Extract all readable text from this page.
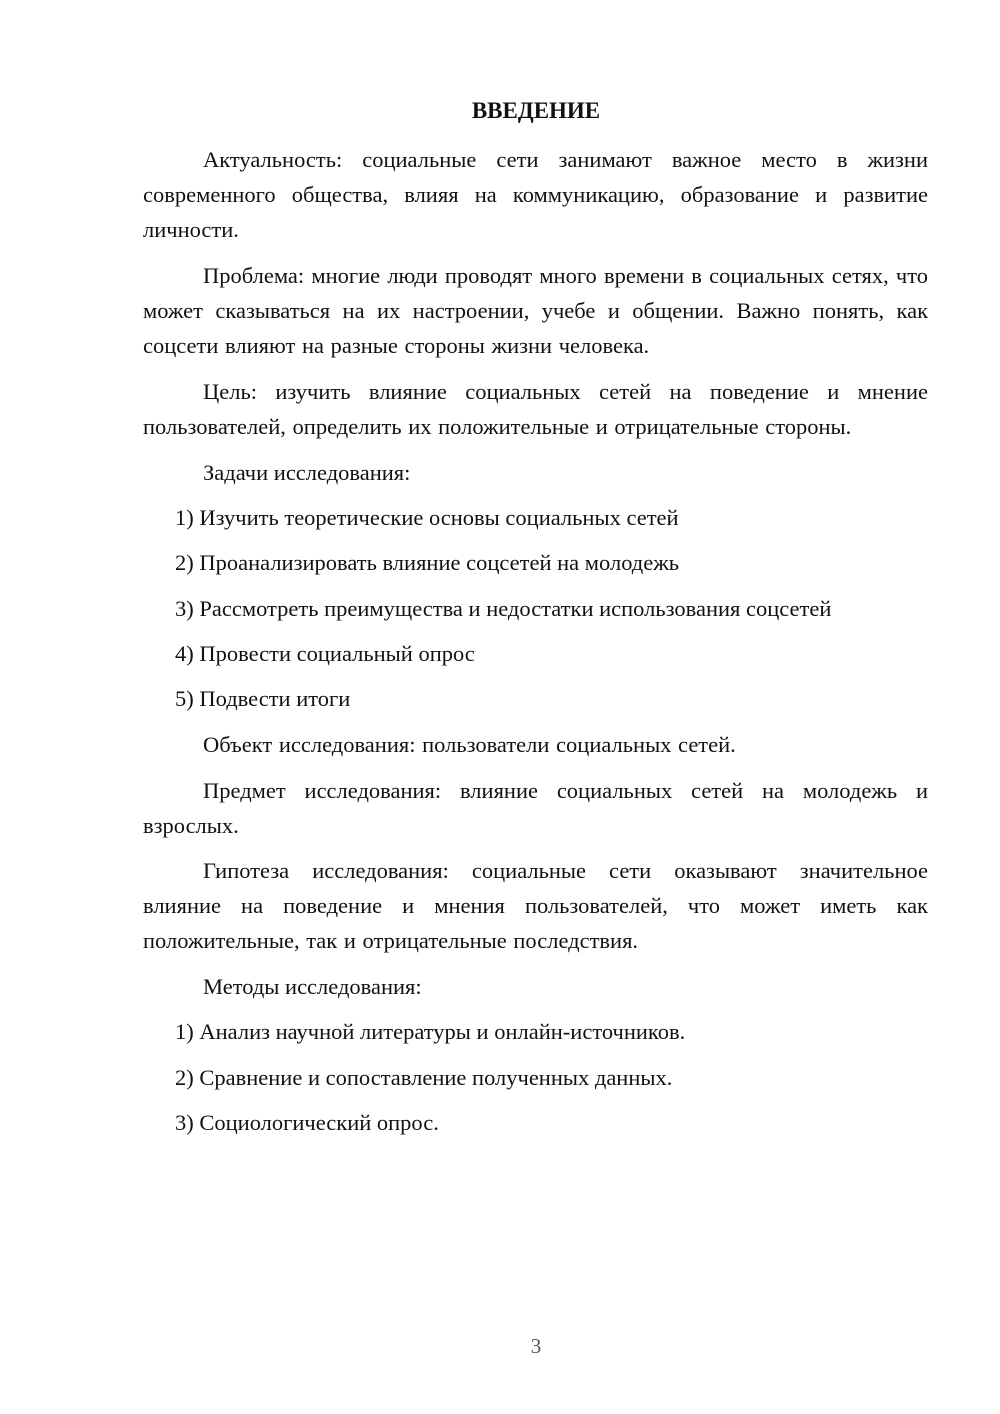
ВВЕДЕНИЕ

Актуальность: социальные сети занимают важное место в жизни современного общества, влияя на коммуникацию, образование и развитие личности.

Проблема: многие люди проводят много времени в социальных сетях, что может сказываться на их настроении, учебе и общении. Важно понять, как соцсети влияют на разные стороны жизни человека.

Цель: изучить влияние социальных сетей на поведение и мнение пользователей, определить их положительные и отрицательные стороны.

Задачи исследования:

1) Изучить теоретические основы социальных сетей

2) Проанализировать влияние соцсетей на молодежь

3) Рассмотреть преимущества и недостатки использования соцсетей

4) Провести социальный опрос

5) Подвести итоги

Объект исследования: пользователи социальных сетей.

Предмет исследования: влияние социальных сетей на молодежь и взрослых.

Гипотеза исследования: социальные сети оказывают значительное влияние на поведение и мнения пользователей, что может иметь как положительные, так и отрицательные последствия.

Методы исследования:

1) Анализ научной литературы и онлайн-источников.

2) Сравнение и сопоставление полученных данных.

3) Социологический опрос.

3
